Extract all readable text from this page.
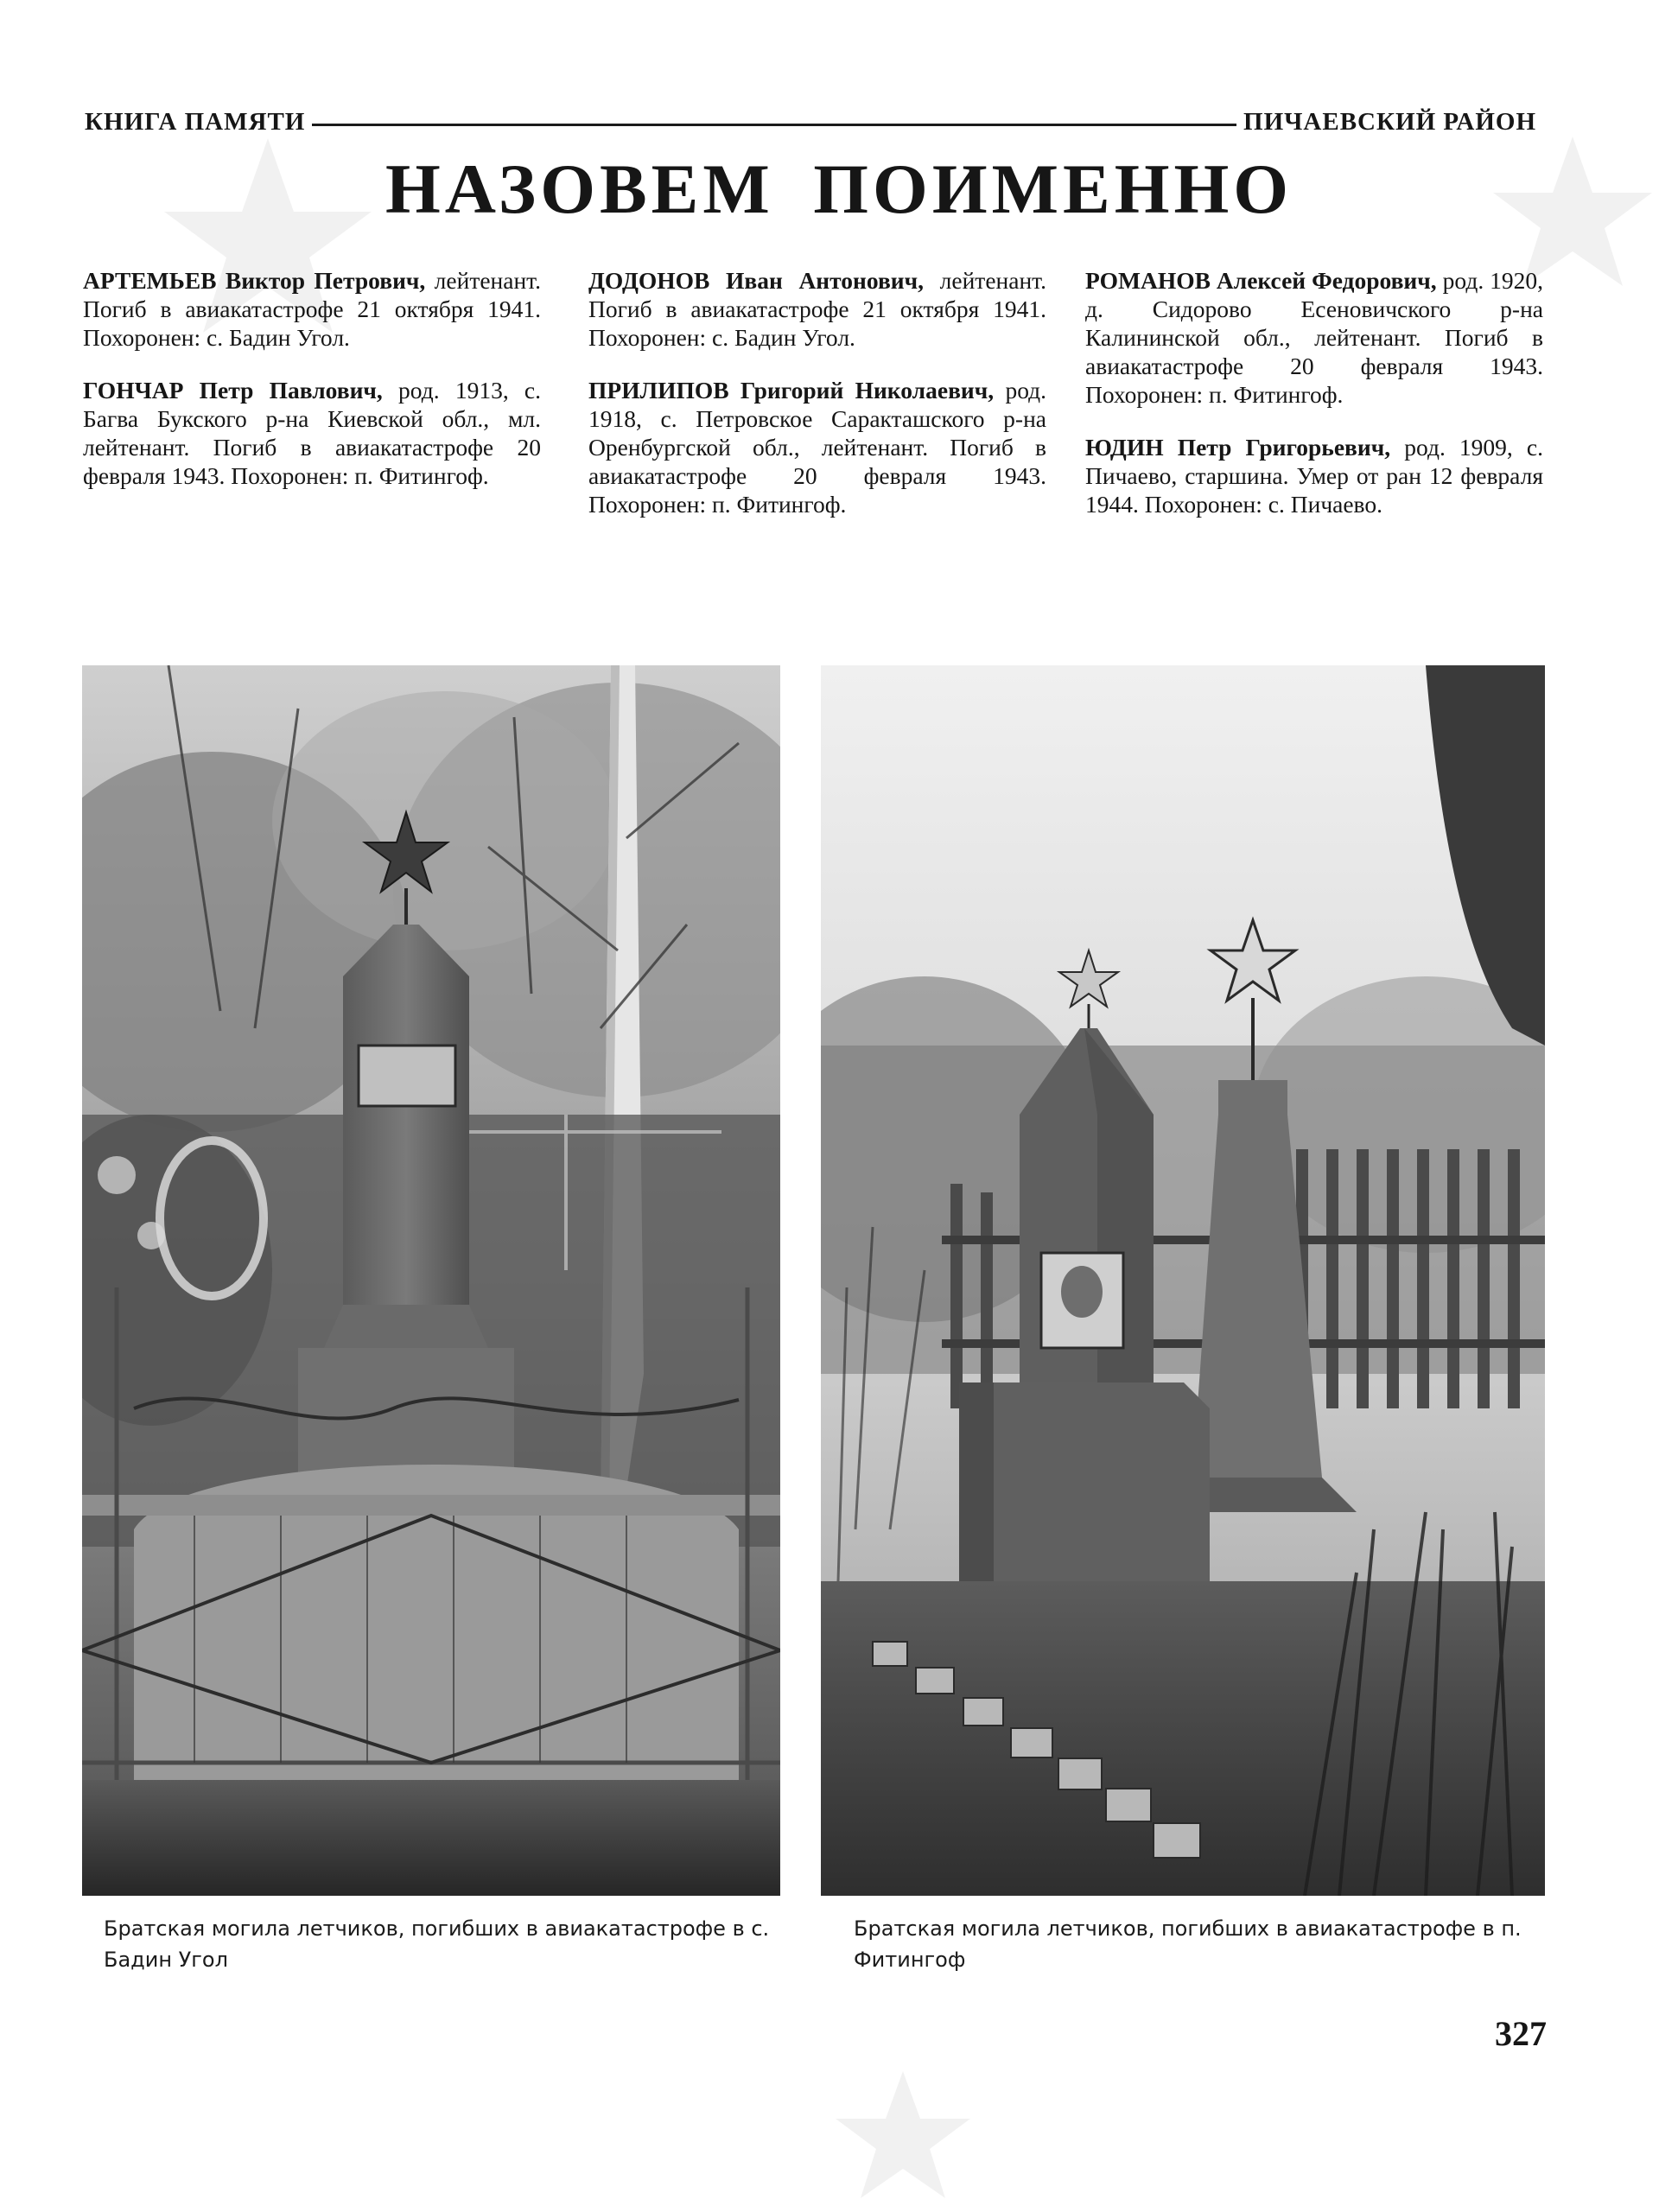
КНИГА ПАМЯТИ	ПИЧАЕВСКИЙ РАЙОН
НАЗОВЕМ ПОИМЕННО

АРТЕМЬЕВ Виктор Петрович, лейтенант. Погиб в авиакатастрофе 21 октября 1941. Похоронен: с. Бадин Угол.

ГОНЧАР Петр Павлович, род. 1913, с. Багва Букского р-на Киевской обл., мл. лейтенант. Погиб в авиакатастрофе 20 февраля 1943. Похоронен: п. Фитингоф.

ДОДОНОВ Иван Антонович, лейтенант. Погиб в авиакатастрофе 21 октября 1941. Похоронен: с. Бадин Угол.

ПРИЛИПОВ Григорий Николаевич, род. 1918, с. Петровское Саракташского р-на Оренбургской обл., лейтенант. Погиб в авиакатастрофе 20 февраля 1943. Похоронен: п. Фитингоф.

РОМАНОВ Алексей Федорович, род. 1920, д. Сидорово Есеновичского р-на Калининской обл., лейтенант. Погиб в авиакатастрофе 20 февраля 1943. Похоронен: п. Фитингоф.

ЮДИН Петр Григорьевич, род. 1909, с. Пичаево, старшина. Умер от ран 12 февраля 1944. Похоронен: с. Пичаево.

Братская могила летчиков, погибших в авиакатастрофе в с. Бадин Угол
Братская могила летчиков, погибших в авиакатастрофе в п. Фитингоф
327
